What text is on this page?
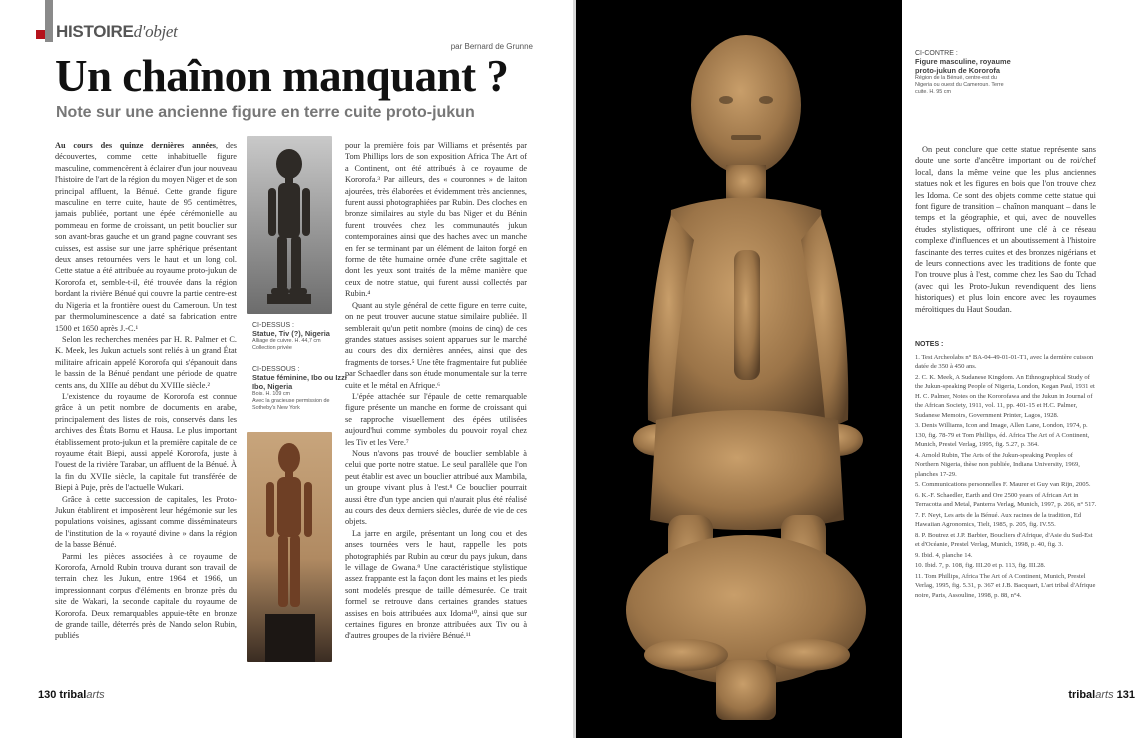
HISTOIREd'objet
par Bernard de Grunne
Un chaînon manquant ?
Note sur une ancienne figure en terre cuite proto-jukun

Au cours des quinze dernières années, des découvertes, comme cette inhabituelle figure masculine, commencèrent à éclairer d'un jour nouveau l'histoire de l'art de la région du moyen Niger et de son principal affluent, la Bénué. Cette grande figure masculine en terre cuite, haute de 95 centimètres, jamais publiée, portant une épée cérémonielle au pommeau en forme de croissant, un petit bouclier sur son avant-bras gauche et un grand pagne couvrant ses cuisses, est assise sur une jarre sphérique présentant deux anses retournées vers le haut et un long col. Cette statue a été attribuée au royaume proto-jukun de Kororofa et, semble-t-il, été trouvée dans la région bordant la rivière Bénué qui couvre la partie centre-est du Nigeria et la frontière ouest du Cameroun. Un test par thermoluminescence a daté sa fabrication entre 1500 et 1650 après J.-C.¹

Selon les recherches menées par H. R. Palmer et C. K. Meek, les Jukun actuels sont reliés à un grand État militaire africain appelé Kororofa qui s'épanouit dans le bassin de la Bénué pendant une période de quatre cents ans, du XIIIe au début du XVIIIe siècle.²

L'existence du royaume de Kororofa est connue grâce à un petit nombre de documents en arabe, principalement des listes de rois, conservés dans les archives des États Bornu et Hausa. Le plus important établissement proto-jukun et la première capitale de ce royaume était Biepi, aussi appelé Kororofa, juste à l'ouest de la rivière Tarabar, un affluent de la Bénué. À la fin du XVIIe siècle, la capitale fut transférée de Biepi à Puje, près de l'actuelle Wukari.

Grâce à cette succession de capitales, les Proto-Jukun établirent et imposèrent leur hégémonie sur les populations voisines, agissant comme disséminateurs de l'institution de la « royauté divine » dans la région de la basse Bénué.

Parmi les pièces associées à ce royaume de Kororofa, Arnold Rubin trouva durant son travail de terrain chez les Jukun, entre 1964 et 1966, un impressionnant corpus d'éléments en bronze près du site de Wakari, la seconde capitale du royaume de Kororofa. Deux remarquables appuie-tête en bronze de grande taille, déterrés près de Nando selon Rubin, publiés

CI-DESSUS :
Statue, Tiv (?), Nigeria
Alliage de cuivre. H. 44,7 cm
Collection privée
CI-DESSOUS :
Statue féminine, Ibo ou Izzi Ibo, Nigeria
Bois. H. 109 cm
Avec la gracieuse permission de Sotheby's New York

pour la première fois par Williams et présentés par Tom Phillips lors de son exposition Africa The Art of a Continent, ont été attribués à ce royaume de Kororofa.³ Par ailleurs, des « couronnes » de laiton ajourées, très élaborées et évidemment très anciennes, furent aussi photographiées par Rubin. Des cloches en bronze similaires au style du bas Niger et du Bénin furent trouvées chez les communautés jukun contemporaines ainsi que des haches avec un manche en fer se terminant par un élément de laiton forgé en forme de tête humaine ornée d'une crête sagittale et dont les yeux sont traités de la même manière que ceux de notre statue, qui furent aussi collectés par Rubin.⁴

Quant au style général de cette figure en terre cuite, on ne peut trouver aucune statue similaire publiée. Il semblerait qu'un petit nombre (moins de cinq) de ces grandes statues assises soient apparues sur le marché au cours des dix dernières années, ainsi que des fragments de torses.⁵ Une tête fragmentaire fut publiée par Schaedler dans son étude monumentale sur la terre cuite et le métal en Afrique.⁶

L'épée attachée sur l'épaule de cette remarquable figure présente un manche en forme de croissant qui se rapproche visuellement des épées utilisées aujourd'hui comme symboles du pouvoir royal chez les Tiv et les Vere.⁷

Nous n'avons pas trouvé de bouclier semblable à celui que porte notre statue. Le seul parallèle que l'on peut établir est avec un bouclier attribué aux Mambila, un groupe vivant plus à l'est.⁸ Ce bouclier pourrait aussi être d'un type ancien qui n'aurait plus été réalisé au cours des deux derniers siècles, durée de vie de ces objets.

La jarre en argile, présentant un long cou et des anses tournées vers le haut, rappelle les pots photographiés par Rubin au cœur du pays jukun, dans le village de Gwana.⁹ Une caractéristique stylistique assez frappante est la façon dont les mains et les pieds sont modelés presque de taille démesurée. Ce trait formel se retrouve dans certaines grandes statues assises en bois attribuées aux Idoma¹⁰, ainsi que sur certaines figures en bronze attribuées aux Tiv ou à d'autres groupes de la rivière Bénué.¹¹

130 tribalarts
CI-CONTRE :
Figure masculine, royaume proto-jukun de Kororofa
Région de la Bénué, centre-est du Nigeria ou ouest du Cameroun. Terre cuite. H. 95 cm

On peut conclure que cette statue représente sans doute une sorte d'ancêtre important ou de roi/chef local, dans la même veine que les plus anciennes statues nok et les figures en bois que l'on trouve chez les Idoma. Ce sont des objets comme cette statue qui font figure de transition – chaînon manquant – dans le temps et la géographie, et qui, avec de nouvelles études stylistiques, offriront une clé à ce réseau complexe d'influences et un aboutissement à l'histoire fascinante des terres cuites et des bronzes nigérians et de leurs connections avec les traditions de fonte que l'on trouve plus à l'est, comme chez les Sao du Tchad (avec qui les Proto-Jukun revendiquent des liens historiques) et plus loin encore avec les royaumes méroïtiques du Haut Soudan.

NOTES :
1. Test Archeolabs n° BA-04-49-01-01-T1, avec la dernière cuisson datée de 350 à 450 ans.
2. C. K. Meek, A Sudanese Kingdom. An Ethnographical Study of the Jukun-speaking People of Nigeria, London, Kegan Paul, 1931 et H. C. Palmer, Notes on the Kororofawa and the Jukun in Journal of the African Society, 1911, vol. 11, pp. 401-15 et H.C. Palmer, Sudanese Memoirs, Government Printer, Lagos, 1928.
3. Denis Williams, Icon and Image, Allen Lane, London, 1974, p. 130, fig. 78-79 et Tom Phillips, éd. Africa The Art of A Continent, Munich, Prestel Verlag, 1995, fig. 5.27, p. 364.
4. Arnold Rubin, The Arts of the Jukun-speaking Peoples of Northern Nigeria, thèse non publiée, Indiana University, 1969, planches 17-29.
5. Communications personnelles F. Maurer et Guy van Rijn, 2005.
6. K.-F. Schaedler, Earth and Ore 2500 years of African Art in Terracotta and Metal, Panterra Verlag, Munich, 1997, p. 266, n° 517.
7. F. Neyt, Les arts de la Bénué. Aux racines de la tradition, Ed Hawaiian Agronomics, Tielt, 1985, p. 205, fig. IV.55.
8. P. Boutrez et J.P. Barbier, Boucliers d'Afrique, d'Asie du Sud-Est et d'Océanie, Prestel Verlag, Munich, 1998, p. 40, fig. 3.
9. Ibid. 4, planche 14.
10. Ibid. 7, p. 108, fig. III.20 et p. 113, fig. III.28.
11. Tom Phillips, Africa The Art of A Continent, Munich, Prestel Verlag, 1995, fig. 5.31, p. 367 et J.B. Bacquart, L'art tribal d'Afrique noire, Paris, Assouline, 1998, p. 88, n°4.
tribalarts 131
